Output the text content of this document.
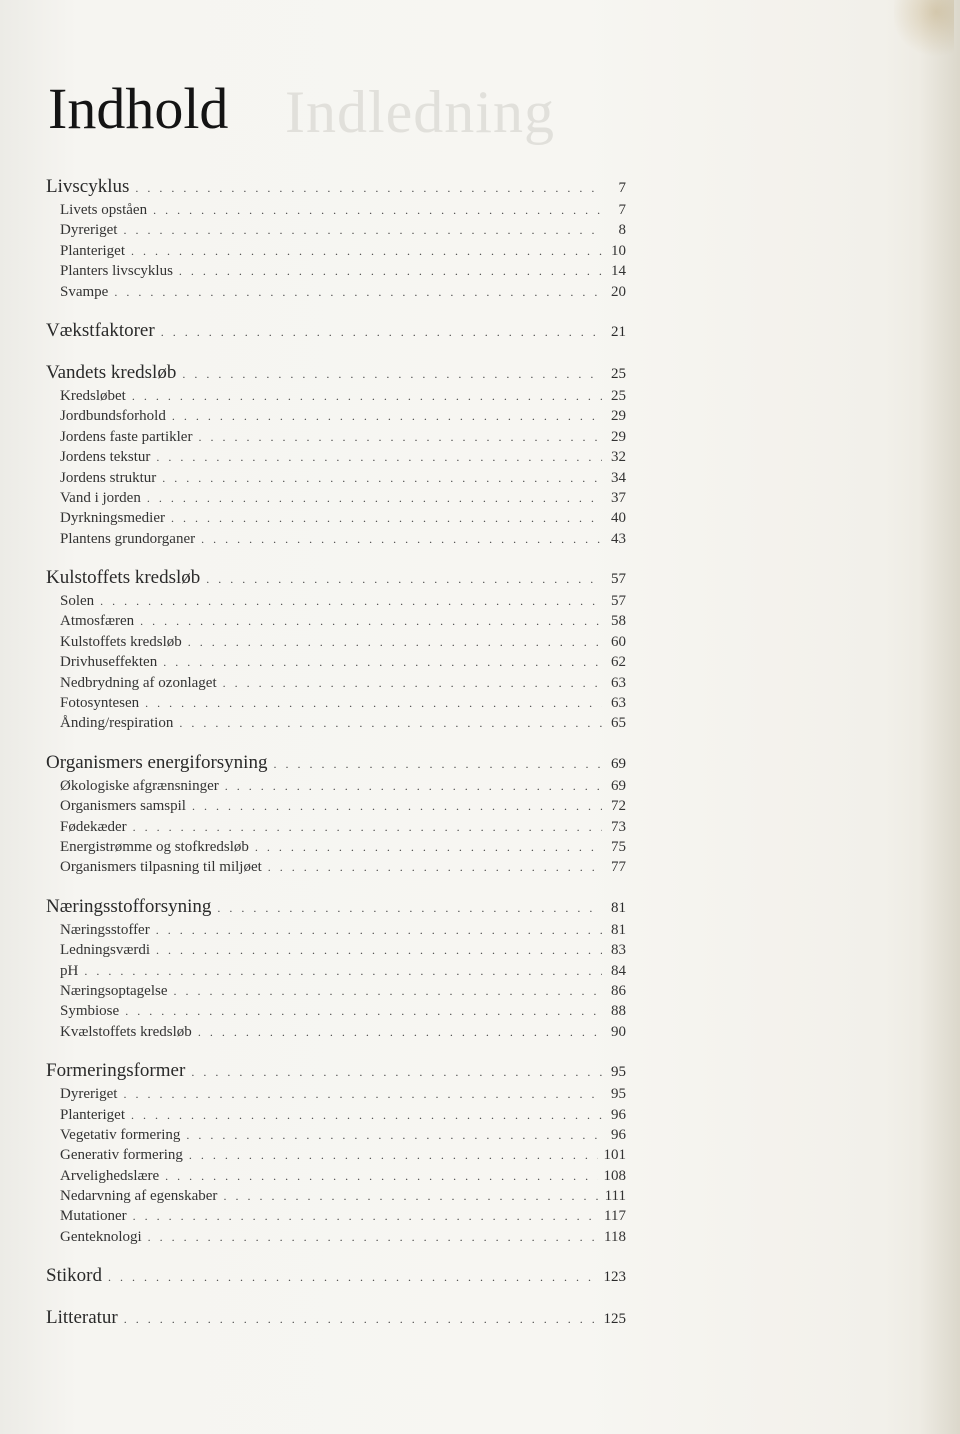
Indledning
Indhold
Livscyklus . . .	7
Livets opståen . . .	7
Dyreriget . . .	8
Planteriget . . .	10
Planters livscyklus . . .	14
Svampe . . .	20
Vækstfaktorer . . .	21
Vandets kredsløb . . .	25
Kredsløbet . . .	25
Jordbundsforhold . . .	29
Jordens faste partikler . . .	29
Jordens tekstur . . .	32
Jordens struktur . . .	34
Vand i jorden . . .	37
Dyrkningsmedier . . .	40
Plantens grundorganer . . .	43
Kulstoffets kredsløb . . .	57
Solen . . .	57
Atmosfæren . . .	58
Kulstoffets kredsløb . . .	60
Drivhuseffekten . . .	62
Nedbrydning af ozonlaget . . .	63
Fotosyntesen . . .	63
Ånding/respiration . . .	65
Organismers energiforsyning . . .	69
Økologiske afgrænsninger . . .	69
Organismers samspil . . .	72
Fødekæder . . .	73
Energistrømme og stofkredsløb . . .	75
Organismers tilpasning til miljøet . . .	77
Næringsstofforsyning . . .	81
Næringsstoffer . . .	81
Ledningsværdi . . .	83
pH . . .	84
Næringsoptagelse . . .	86
Symbiose . . .	88
Kvælstoffets kredsløb . . .	90
Formeringsformer . . .	95
Dyreriget . . .	95
Planteriget . . .	96
Vegetativ formering . . .	96
Generativ formering . . .	101
Arvelighedslære . . .	108
Nedarvning af egenskaber . . .	111
Mutationer . . .	117
Genteknologi . . .	118
Stikord . . .	123
Litteratur . . .	125
